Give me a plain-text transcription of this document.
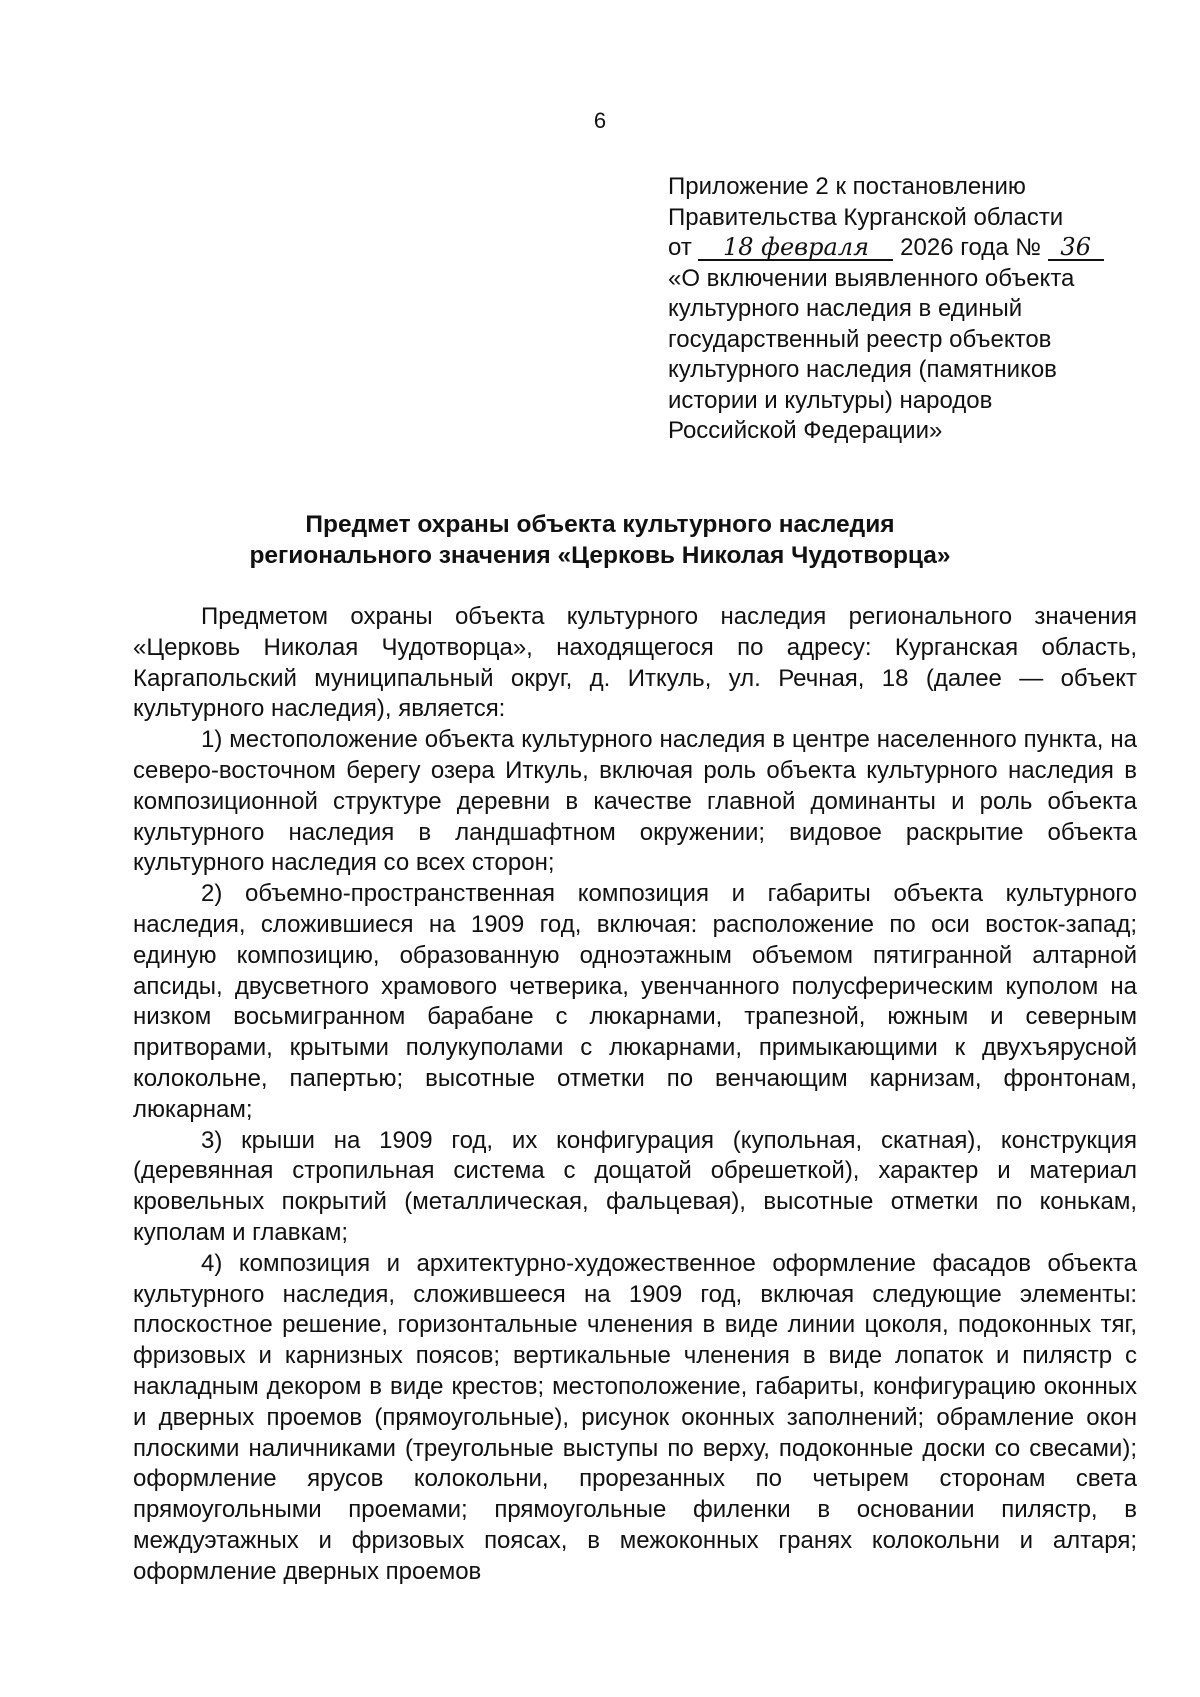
6
Приложение 2 к постановлению
Правительства Курганской области
от 18 февраля 2026 года № 36
«О включении выявленного объекта
культурного наследия в единый
государственный реестр объектов
культурного наследия (памятников
истории и культуры) народов
Российской Федерации»
Предмет охраны объекта культурного наследия
регионального значения «Церковь Николая Чудотворца»

Предметом охраны объекта культурного наследия регионального значения «Церковь Николая Чудотворца», находящегося по адресу: Курганская область, Каргапольский муниципальный округ, д. Иткуль, ул. Речная, 18 (далее — объект культурного наследия), является:

1) местоположение объекта культурного наследия в центре населенного пункта, на северо-восточном берегу озера Иткуль, включая роль объекта культурного наследия в композиционной структуре деревни в качестве главной доминанты и роль объекта культурного наследия в ландшафтном окружении; видовое раскрытие объекта культурного наследия со всех сторон;

2) объемно-пространственная композиция и габариты объекта культурного наследия, сложившиеся на 1909 год, включая: расположение по оси восток-запад; единую композицию, образованную одноэтажным объемом пятигранной алтарной апсиды, двусветного храмового четверика, увенчанного полусферическим куполом на низком восьмигранном барабане с люкарнами, трапезной, южным и северным притворами, крытыми полукуполами с люкарнами, примыкающими к двухъярусной колокольне, папертью; высотные отметки по венчающим карнизам, фронтонам, люкарнам;

3) крыши на 1909 год, их конфигурация (купольная, скатная), конструкция (деревянная стропильная система с дощатой обрешеткой), характер и материал кровельных покрытий (металлическая, фальцевая), высотные отметки по конькам, куполам и главкам;

4) композиция и архитектурно-художественное оформление фасадов объекта культурного наследия, сложившееся на 1909 год, включая следующие элементы: плоскостное решение, горизонтальные членения в виде линии цоколя, подоконных тяг, фризовых и карнизных поясов; вертикальные членения в виде лопаток и пилястр с накладным декором в виде крестов; местоположение, габариты, конфигурацию оконных и дверных проемов (прямоугольные), рисунок оконных заполнений; обрамление окон плоскими наличниками (треугольные выступы по верху, подоконные доски со свесами); оформление ярусов колокольни, прорезанных по четырем сторонам света прямоугольными проемами; прямоугольные филенки в основании пилястр, в междуэтажных и фризовых поясах, в межоконных гранях колокольни и алтаря; оформление дверных проемов
